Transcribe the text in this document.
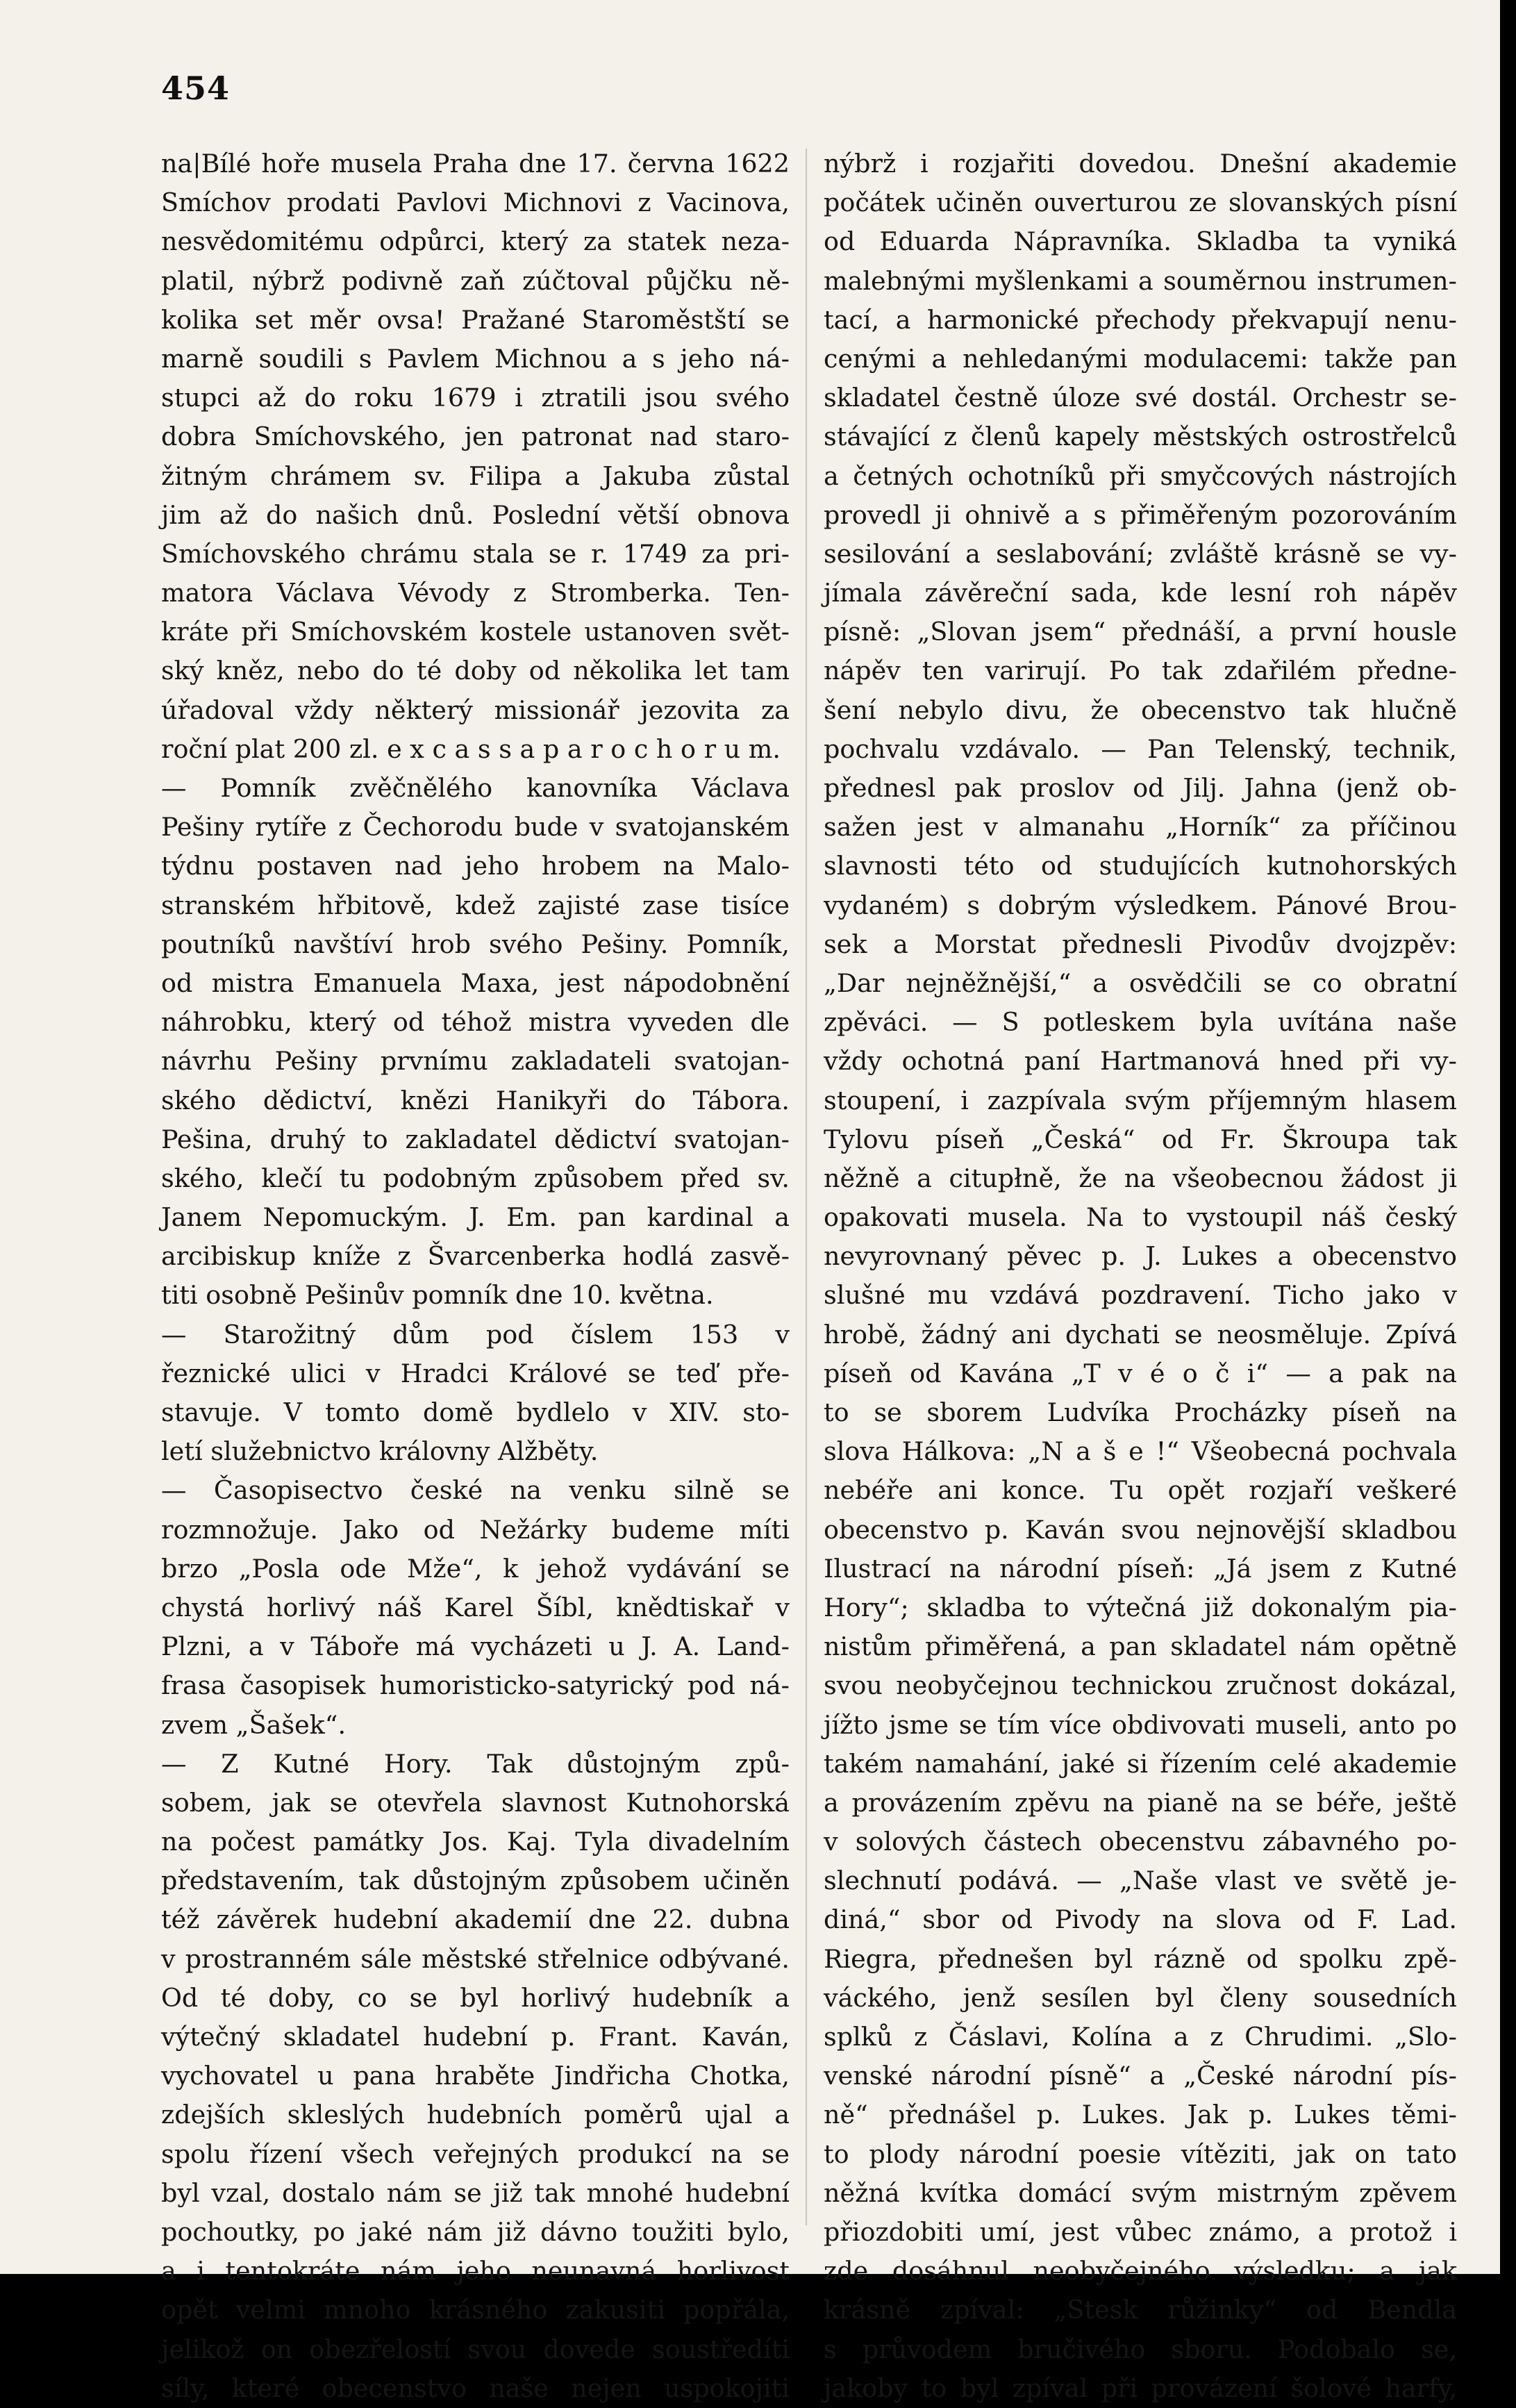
454
na|Bílé hoře musela Praha dne 17. června 1622
Smíchov prodati Pavlovi Michnovi z Vacinova,
nesvědomitému odpůrci, který za statek neza-
platil, nýbrž podivně zaň zúčtoval půjčku ně-
kolika set měr ovsa! Pražané Staroměstští se
marně soudili s Pavlem Michnou a s jeho ná-
stupci až do roku 1679 i ztratili jsou svého
dobra Smíchovského, jen patronat nad staro-
žitným chrámem sv. Filipa a Jakuba zůstal
jim až do našich dnů. Poslední větší obnova
Smíchovského chrámu stala se r. 1749 za pri-
matora Václava Vévody z Stromberka. Ten-
kráte při Smíchovském kostele ustanoven svět-
ský kněz, nebo do té doby od několika let tam
úřadoval vždy některý missionář jezovita za
roční plat 200 zl. e x c a s s a p a r o c h o r u m.
— Pomník zvěčnělého kanovníka Václava
Pešiny rytíře z Čechorodu bude v svatojanském
týdnu postaven nad jeho hrobem na Malo-
stranském hřbitově, kdež zajisté zase tisíce
poutníků navštíví hrob svého Pešiny. Pomník,
od mistra Emanuela Maxa, jest nápodobnění
náhrobku, který od téhož mistra vyveden dle
návrhu Pešiny prvnímu zakladateli svatojan-
ského dědictví, knězi Hanikyři do Tábora.
Pešina, druhý to zakladatel dědictví svatojan-
ského, klečí tu podobným způsobem před sv.
Janem Nepomuckým. J. Em. pan kardinal a
arcibiskup kníže z Švarcenberka hodlá zasvě-
titi osobně Pešinův pomník dne 10. května.
— Starožitný dům pod číslem 153 v
řeznické ulici v Hradci Králové se teď pře-
stavuje. V tomto domě bydlelo v XIV. sto-
letí služebnictvo královny Alžběty.
— Časopisectvo české na venku silně se
rozmnožuje. Jako od Nežárky budeme míti
brzo „Posla ode Mže“, k jehož vydávání se
chystá horlivý náš Karel Šíbl, knědtiskař v
Plzni, a v Táboře má vycházeti u J. A. Land-
frasa časopisek humoristicko-satyrický pod ná-
zvem „Šašek“.
— Z Kutné Hory. Tak důstojným způ-
sobem, jak se otevřela slavnost Kutnohorská
na počest památky Jos. Kaj. Tyla divadelním
představením, tak důstojným způsobem učiněn
též závěrek hudební akademií dne 22. dubna
v prostranném sále městské střelnice odbývané.
Od té doby, co se byl horlivý hudebník a
výtečný skladatel hudební p. Frant. Kaván,
vychovatel u pana hraběte Jindřicha Chotka,
zdejších skleslých hudebních poměrů ujal a
spolu řízení všech veřejných produkcí na se
byl vzal, dostalo nám se již tak mnohé hudební
pochoutky, po jaké nám již dávno toužiti bylo,
a i tentokráte nám jeho neunavná horlivost
opět velmi mnoho krásného zakusiti popřála,
jelikož on obezřelostí svou dovede soustředíti
síly, které obecenstvo naše nejen uspokojiti
nýbrž i rozjařiti dovedou. Dnešní akademie
počátek učiněn ouverturou ze slovanských písní
od Eduarda Nápravníka. Skladba ta vyniká
malebnými myšlenkami a souměrnou instrumen-
tací, a harmonické přechody překvapují nenu-
cenými a nehledanými modulacemi: takže pan
skladatel čestně úloze své dostál. Orchestr se-
stávající z členů kapely městských ostrostřelců
a četných ochotníků při smyčcových nástrojích
provedl ji ohnivě a s přiměřeným pozorováním
sesilování a seslabování; zvláště krásně se vy-
jímala závěreční sada, kde lesní roh nápěv
písně: „Slovan jsem“ přednáší, a první housle
nápěv ten varirují. Po tak zdařilém předne-
šení nebylo divu, že obecenstvo tak hlučně
pochvalu vzdávalo. — Pan Telenský, technik,
přednesl pak proslov od Jilj. Jahna (jenž ob-
sažen jest v almanahu „Horník“ za příčinou
slavnosti této od studujících kutnohorských
vydaném) s dobrým výsledkem. Pánové Brou-
sek a Morstat přednesli Pivodův dvojzpěv:
„Dar nejněžnější,“ a osvědčili se co obratní
zpěváci. — S potleskem byla uvítána naše
vždy ochotná paní Hartmanová hned při vy-
stoupení, i zazpívala svým příjemným hlasem
Tylovu píseň „Česká“ od Fr. Škroupa tak
něžně a citupłně, že na všeobecnou žádost ji
opakovati musela. Na to vystoupil náš český
nevyrovnaný pěvec p. J. Lukes a obecenstvo
slušné mu vzdává pozdravení. Ticho jako v
hrobě, žádný ani dychati se neosměluje. Zpívá
píseň od Kavána „T v é o č i“ — a pak na
to se sborem Ludvíka Procházky píseň na
slova Hálkova: „N a š e !“ Všeobecná pochvala
nebéře ani konce. Tu opět rozjaří veškeré
obecenstvo p. Kaván svou nejnovější skladbou
Ilustrací na národní píseň: „Já jsem z Kutné
Hory“; skladba to výtečná již dokonalým pia-
nistům přiměřená, a pan skladatel nám opětně
svou neobyčejnou technickou zručnost dokázal,
jížto jsme se tím více obdivovati museli, anto po
takém namahání, jaké si řízením celé akademie
a provázením zpěvu na pianě na se béře, ještě
v solových částech obecenstvu zábavného po-
slechnutí podává. — „Naše vlast ve světě je-
diná,“ sbor od Pivody na slova od F. Lad.
Riegra, přednešen byl rázně od spolku zpě-
váckého, jenž sesílen byl členy sousedních
splků z Čáslavi, Kolína a z Chrudimi. „Slo-
venské národní písně“ a „České národní pís-
ně“ přednášel p. Lukes. Jak p. Lukes těmi-
to plody národní poesie vítěziti, jak on tato
něžná kvítka domácí svým mistrným zpěvem
přiozdobiti umí, jest vůbec známo, a protož i
zde dosáhnul neobyčejného výsledku; a jak
krásně zpíval: „Stesk růžinky“ od Bendla
s průvodem bručivého sboru. Podobalo se,
jakoby to byl zpíval při provázení šolové harfy,
